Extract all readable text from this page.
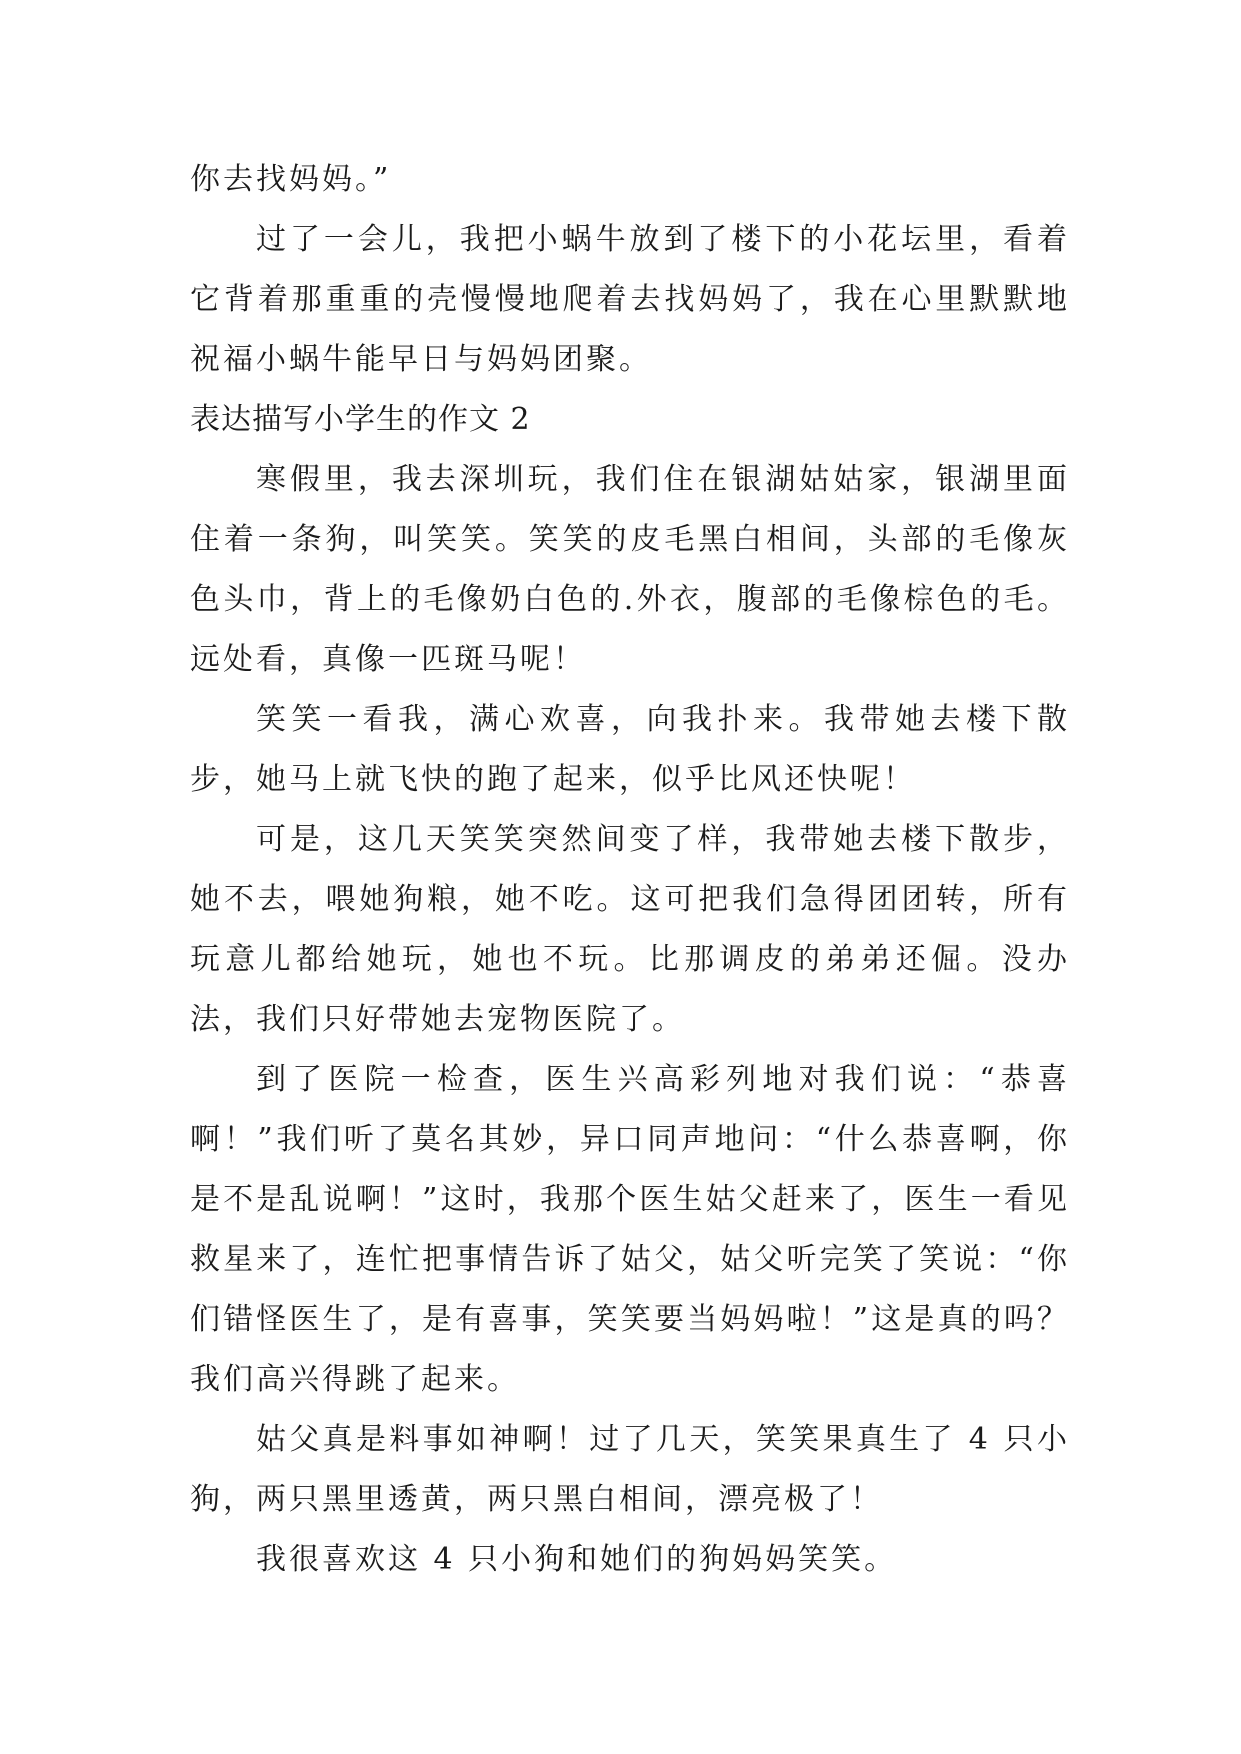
你去找妈妈。”

过了一会儿，我把小蜗牛放到了楼下的小花坛里，看着它背着那重重的壳慢慢地爬着去找妈妈了，我在心里默默地祝福小蜗牛能早日与妈妈团聚。

表达描写小学生的作文 2

寒假里，我去深圳玩，我们住在银湖姑姑家，银湖里面住着一条狗，叫笑笑。笑笑的皮毛黑白相间，头部的毛像灰色头巾，背上的毛像奶白色的.外衣，腹部的毛像棕色的毛。远处看，真像一匹斑马呢！

笑笑一看我，满心欢喜，向我扑来。我带她去楼下散步，她马上就飞快的跑了起来，似乎比风还快呢！

可是，这几天笑笑突然间变了样，我带她去楼下散步，她不去，喂她狗粮，她不吃。这可把我们急得团团转，所有玩意儿都给她玩，她也不玩。比那调皮的弟弟还倔。没办法，我们只好带她去宠物医院了。

到了医院一检查，医生兴高彩列地对我们说：“恭喜啊！”我们听了莫名其妙，异口同声地问：“什么恭喜啊，你是不是乱说啊！”这时，我那个医生姑父赶来了，医生一看见救星来了，连忙把事情告诉了姑父，姑父听完笑了笑说：“你们错怪医生了，是有喜事，笑笑要当妈妈啦！”这是真的吗？我们高兴得跳了起来。

姑父真是料事如神啊！过了几天，笑笑果真生了 4 只小狗，两只黑里透黄，两只黑白相间，漂亮极了！

我很喜欢这 4 只小狗和她们的狗妈妈笑笑。
